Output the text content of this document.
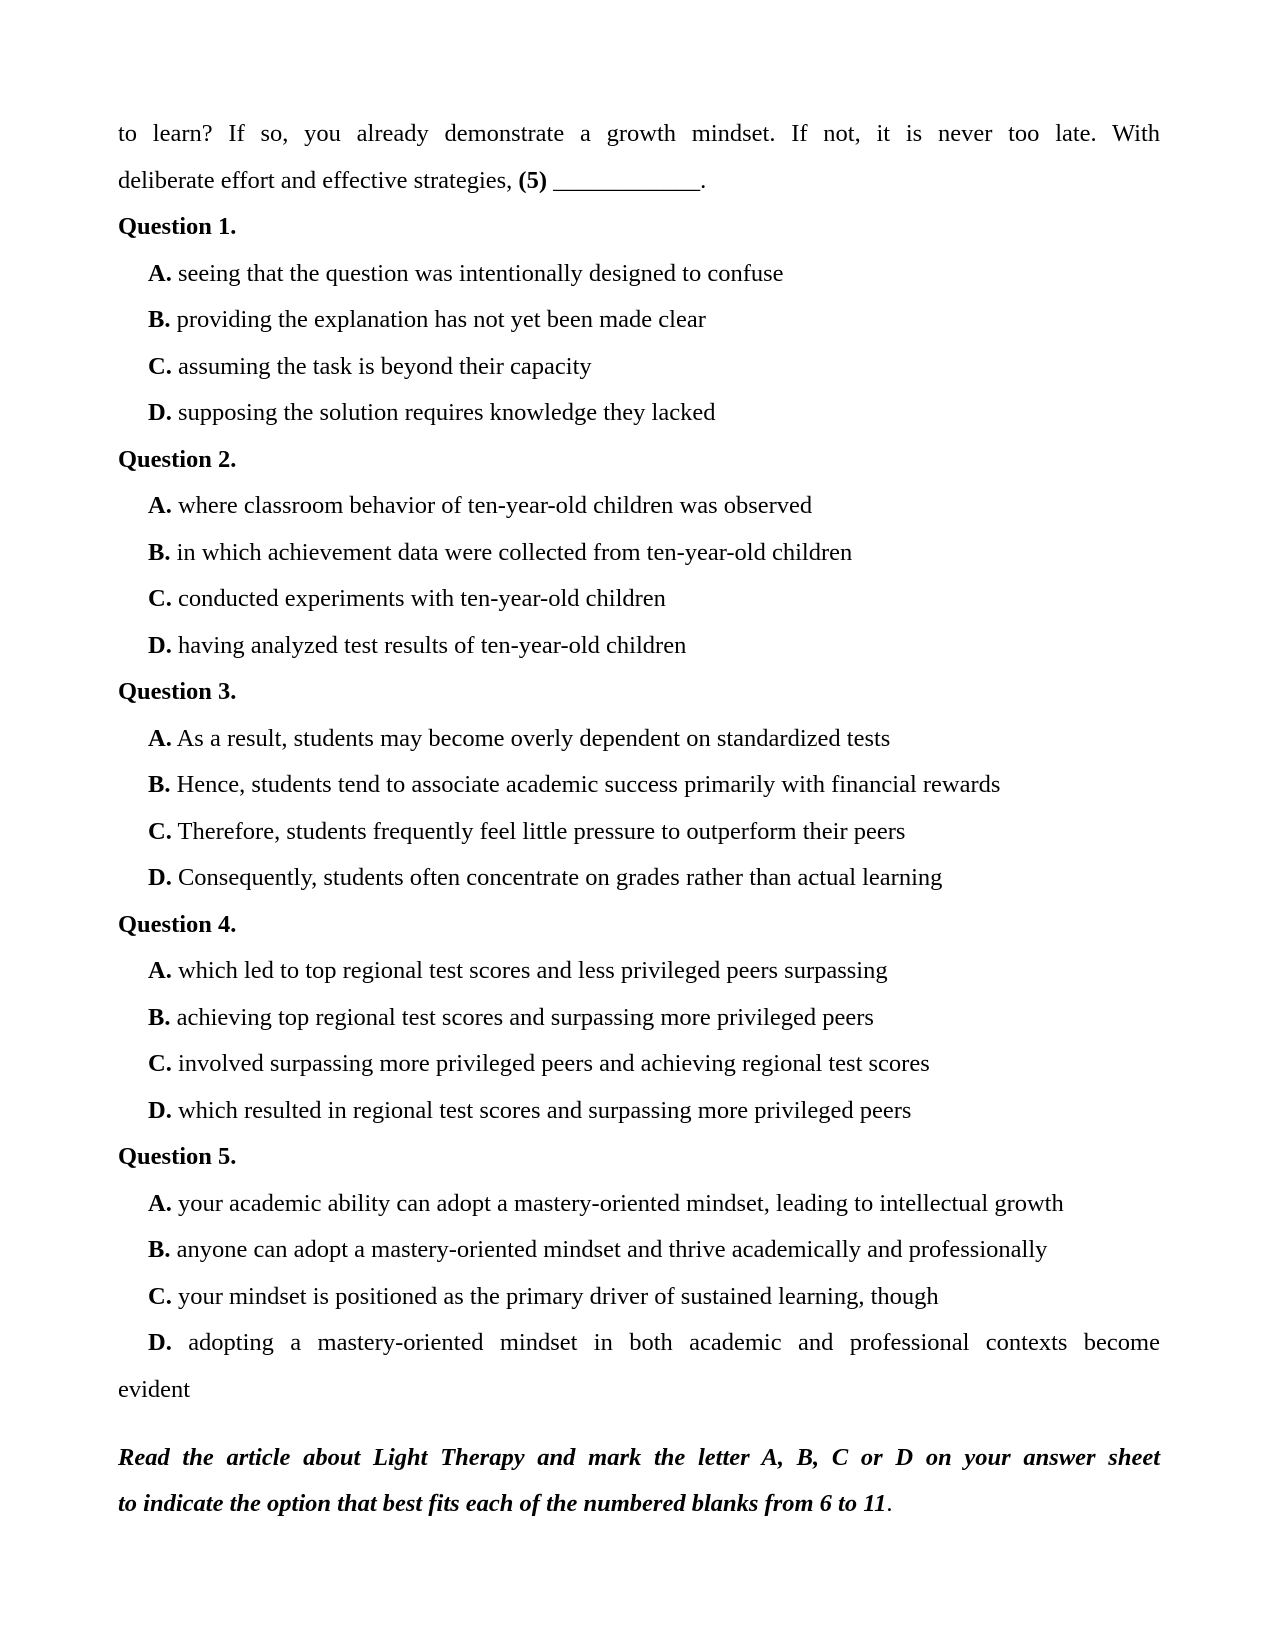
to learn? If so, you already demonstrate a growth mindset. If not, it is never too late. With
deliberate effort and effective strategies, (5) ____________.
Question 1.
A. seeing that the question was intentionally designed to confuse
B. providing the explanation has not yet been made clear
C. assuming the task is beyond their capacity
D. supposing the solution requires knowledge they lacked
Question 2.
A. where classroom behavior of ten-year-old children was observed
B. in which achievement data were collected from ten-year-old children
C. conducted experiments with ten-year-old children
D. having analyzed test results of ten-year-old children
Question 3.
A. As a result, students may become overly dependent on standardized tests
B. Hence, students tend to associate academic success primarily with financial rewards
C. Therefore, students frequently feel little pressure to outperform their peers
D. Consequently, students often concentrate on grades rather than actual learning
Question 4.
A. which led to top regional test scores and less privileged peers surpassing
B. achieving top regional test scores and surpassing more privileged peers
C. involved surpassing more privileged peers and achieving regional test scores
D. which resulted in regional test scores and surpassing more privileged peers
Question 5.
A. your academic ability can adopt a mastery-oriented mindset, leading to intellectual growth
B. anyone can adopt a mastery-oriented mindset and thrive academically and professionally
C. your mindset is positioned as the primary driver of sustained learning, though
D. adopting a mastery-oriented mindset in both academic and professional contexts become
evident
Read the article about Light Therapy and mark the letter A, B, C or D on your answer sheet
to indicate the option that best fits each of the numbered blanks from 6 to 11.
